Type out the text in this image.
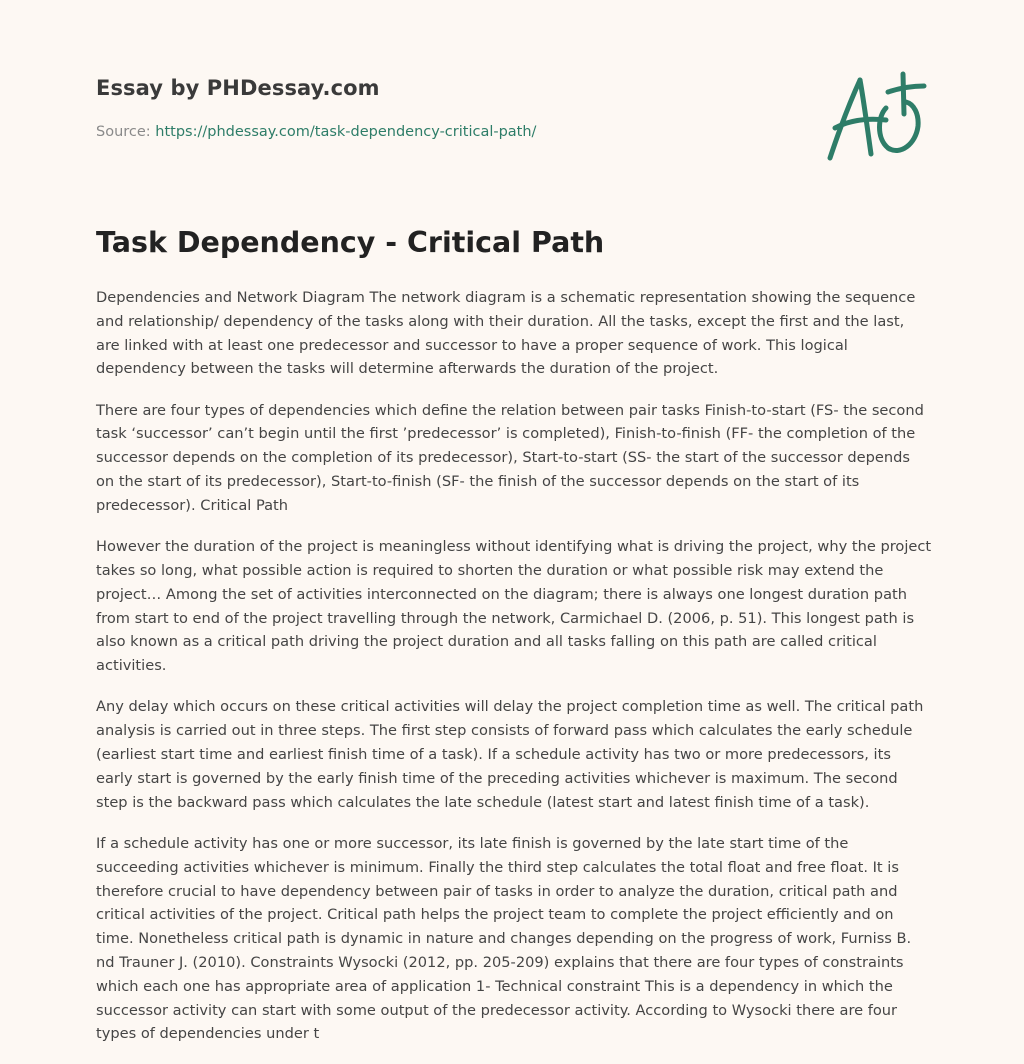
Essay by PHDessay.com
Source: https://phdessay.com/task-dependency-critical-path/
Task Dependency - Critical Path

Dependencies and Network Diagram The network diagram is a schematic representation showing the sequence and relationship/ dependency of the tasks along with their duration. All the tasks, except the first and the last, are linked with at least one predecessor and successor to have a proper sequence of work. This logical dependency between the tasks will determine afterwards the duration of the project.

There are four types of dependencies which define the relation between pair tasks Finish-to-start (FS- the second task ‘successor’ can’t begin until the first ’predecessor’ is completed), Finish-to-finish (FF- the completion of the successor depends on the completion of its predecessor), Start-to-start (SS- the start of the successor depends on the start of its predecessor), Start-to-finish (SF- the finish of the successor depends on the start of its predecessor). Critical Path

However the duration of the project is meaningless without identifying what is driving the project, why the project takes so long, what possible action is required to shorten the duration or what possible risk may extend the project… Among the set of activities interconnected on the diagram; there is always one longest duration path from start to end of the project travelling through the network, Carmichael D. (2006, p. 51). This longest path is also known as a critical path driving the project duration and all tasks falling on this path are called critical activities.

Any delay which occurs on these critical activities will delay the project completion time as well. The critical path analysis is carried out in three steps. The first step consists of forward pass which calculates the early schedule (earliest start time and earliest finish time of a task). If a schedule activity has two or more predecessors, its early start is governed by the early finish time of the preceding activities whichever is maximum. The second step is the backward pass which calculates the late schedule (latest start and latest finish time of a task).

If a schedule activity has one or more successor, its late finish is governed by the late start time of the succeeding activities whichever is minimum. Finally the third step calculates the total float and free float. It is therefore crucial to have dependency between pair of tasks in order to analyze the duration, critical path and critical activities of the project. Critical path helps the project team to complete the project efficiently and on time. Nonetheless critical path is dynamic in nature and changes depending on the progress of work, Furniss B. nd Trauner J. (2010). Constraints Wysocki (2012, pp. 205-209) explains that there are four types of constraints which each one has appropriate area of application 1- Technical constraint This is a dependency in which the successor activity can start with some output of the predecessor activity. According to Wysocki there are four types of dependencies under t
